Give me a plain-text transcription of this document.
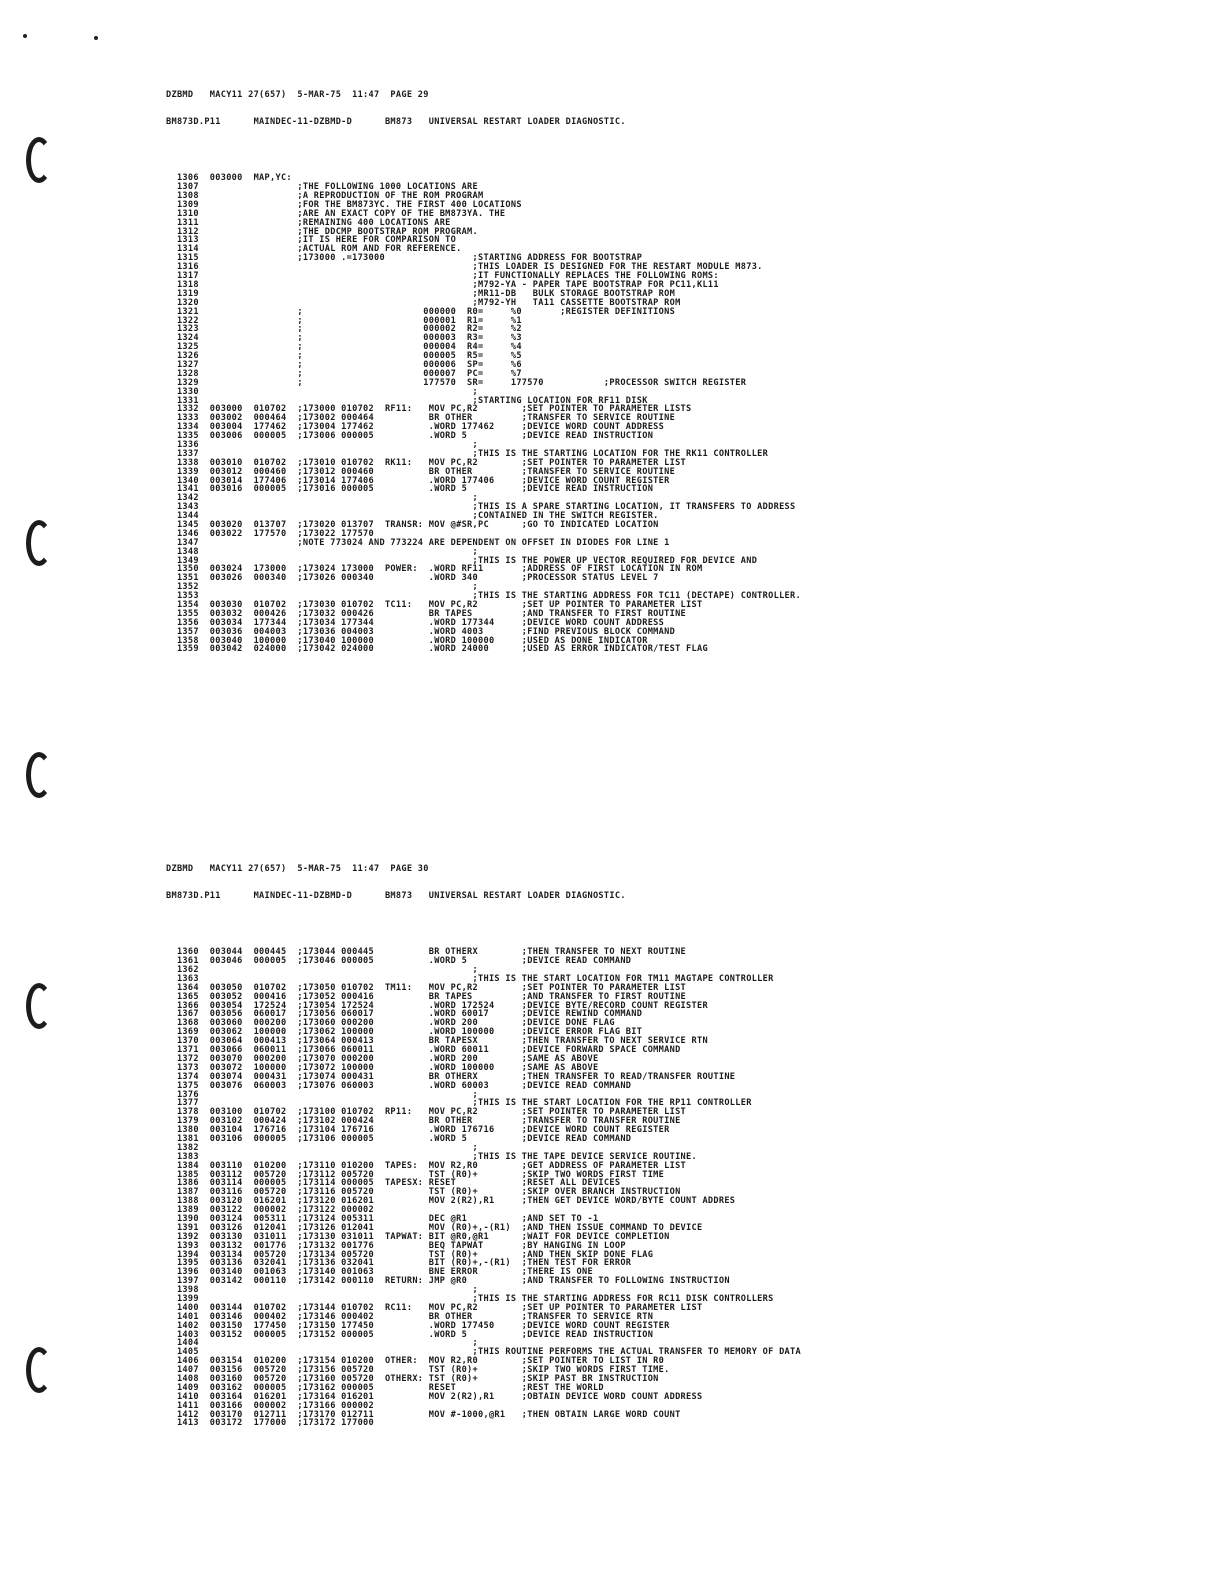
DZBMD   MACY11 27(657)  5-MAR-75  11:47  PAGE 29

BM873D.P11      MAINDEC-11-DZBMD-D      BM873   UNIVERSAL RESTART LOADER DIAGNOSTIC.

1306  003000  MAP,YC:
1307                  ;THE FOLLOWING 1000 LOCATIONS ARE
1308                  ;A REPRODUCTION OF THE ROM PROGRAM
1309                  ;FOR THE BM873YC. THE FIRST 400 LOCATIONS
1310                  ;ARE AN EXACT COPY OF THE BM873YA. THE
1311                  ;REMAINING 400 LOCATIONS ARE
1312                  ;THE DDCMP BOOTSTRAP ROM PROGRAM.
1313                  ;IT IS HERE FOR COMPARISON TO
1314                  ;ACTUAL ROM AND FOR REFERENCE.
1315                  ;173000 .=173000                ;STARTING ADDRESS FOR BOOTSTRAP
1316                                                  ;THIS LOADER IS DESIGNED FOR THE RESTART MODULE M873.
1317                                                  ;IT FUNCTIONALLY REPLACES THE FOLLOWING ROMS:
1318                                                  ;M792-YA - PAPER TAPE BOOTSTRAP FOR PC11,KL11
1319                                                  ;MR11-DB   BULK STORAGE BOOTSTRAP ROM
1320                                                  ;M792-YH   TA11 CASSETTE BOOTSTRAP ROM
1321                  ;                      000000  R0=     %0       ;REGISTER DEFINITIONS
1322                  ;                      000001  R1=     %1
1323                  ;                      000002  R2=     %2
1324                  ;                      000003  R3=     %3
1325                  ;                      000004  R4=     %4
1326                  ;                      000005  R5=     %5
1327                  ;                      000006  SP=     %6
1328                  ;                      000007  PC=     %7
1329                  ;                      177570  SR=     177570           ;PROCESSOR SWITCH REGISTER
1330                                                  ;
1331                                                  ;STARTING LOCATION FOR RF11 DISK
1332  003000  010702  ;173000 010702  RF11:   MOV PC,R2        ;SET POINTER TO PARAMETER LISTS
1333  003002  000464  ;173002 000464          BR OTHER         ;TRANSFER TO SERVICE ROUTINE
1334  003004  177462  ;173004 177462          .WORD 177462     ;DEVICE WORD COUNT ADDRESS
1335  003006  000005  ;173006 000005          .WORD 5          ;DEVICE READ INSTRUCTION
1336                                                  ;
1337                                                  ;THIS IS THE STARTING LOCATION FOR THE RK11 CONTROLLER
1338  003010  010702  ;173010 010702  RK11:   MOV PC,R2        ;SET POINTER TO PARAMETER LIST
1339  003012  000460  ;173012 000460          BR OTHER         ;TRANSFER TO SERVICE ROUTINE
1340  003014  177406  ;173014 177406          .WORD 177406     ;DEVICE WORD COUNT REGISTER
1341  003016  000005  ;173016 000005          .WORD 5          ;DEVICE READ INSTRUCTION
1342                                                  ;
1343                                                  ;THIS IS A SPARE STARTING LOCATION, IT TRANSFERS TO ADDRESS
1344                                                  ;CONTAINED IN THE SWITCH REGISTER.
1345  003020  013707  ;173020 013707  TRANSR: MOV @#SR,PC      ;GO TO INDICATED LOCATION
1346  003022  177570  ;173022 177570
1347                  ;NOTE 773024 AND 773224 ARE DEPENDENT ON OFFSET IN DIODES FOR LINE 1
1348                                                  ;
1349                                                  ;THIS IS THE POWER UP VECTOR REQUIRED FOR DEVICE AND
1350  003024  173000  ;173024 173000  POWER:  .WORD RF11       ;ADDRESS OF FIRST LOCATION IN ROM
1351  003026  000340  ;173026 000340          .WORD 340        ;PROCESSOR STATUS LEVEL 7
1352                                                  ;
1353                                                  ;THIS IS THE STARTING ADDRESS FOR TC11 (DECTAPE) CONTROLLER.
1354  003030  010702  ;173030 010702  TC11:   MOV PC,R2        ;SET UP POINTER TO PARAMETER LIST
1355  003032  000426  ;173032 000426          BR TAPES         ;AND TRANSFER TO FIRST ROUTINE
1356  003034  177344  ;173034 177344          .WORD 177344     ;DEVICE WORD COUNT ADDRESS
1357  003036  004003  ;173036 004003          .WORD 4003       ;FIND PREVIOUS BLOCK COMMAND
1358  003040  100000  ;173040 100000          .WORD 100000     ;USED AS DONE INDICATOR
1359  003042  024000  ;173042 024000          .WORD 24000      ;USED AS ERROR INDICATOR/TEST FLAG

DZBMD   MACY11 27(657)  5-MAR-75  11:47  PAGE 30

BM873D.P11      MAINDEC-11-DZBMD-D      BM873   UNIVERSAL RESTART LOADER DIAGNOSTIC.

1360  003044  000445  ;173044 000445          BR OTHERX        ;THEN TRANSFER TO NEXT ROUTINE
1361  003046  000005  ;173046 000005          .WORD 5          ;DEVICE READ COMMAND
1362                                                  ;
1363                                                  ;THIS IS THE START LOCATION FOR TM11 MAGTAPE CONTROLLER
1364  003050  010702  ;173050 010702  TM11:   MOV PC,R2        ;SET POINTER TO PARAMETER LIST
1365  003052  000416  ;173052 000416          BR TAPES         ;AND TRANSFER TO FIRST ROUTINE
1366  003054  172524  ;173054 172524          .WORD 172524     ;DEVICE BYTE/RECORD COUNT REGISTER
1367  003056  060017  ;173056 060017          .WORD 60017      ;DEVICE REWIND COMMAND
1368  003060  000200  ;173060 000200          .WORD 200        ;DEVICE DONE FLAG
1369  003062  100000  ;173062 100000          .WORD 100000     ;DEVICE ERROR FLAG BIT
1370  003064  000413  ;173064 000413          BR TAPESX        ;THEN TRANSFER TO NEXT SERVICE RTN
1371  003066  060011  ;173066 060011          .WORD 60011      ;DEVICE FORWARD SPACE COMMAND
1372  003070  000200  ;173070 000200          .WORD 200        ;SAME AS ABOVE
1373  003072  100000  ;173072 100000          .WORD 100000     ;SAME AS ABOVE
1374  003074  000431  ;173074 000431          BR OTHERX        ;THEN TRANSFER TO READ/TRANSFER ROUTINE
1375  003076  060003  ;173076 060003          .WORD 60003      ;DEVICE READ COMMAND
1376                                                  ;
1377                                                  ;THIS IS THE START LOCATION FOR THE RP11 CONTROLLER
1378  003100  010702  ;173100 010702  RP11:   MOV PC,R2        ;SET POINTER TO PARAMETER LIST
1379  003102  000424  ;173102 000424          BR OTHER         ;TRANSFER TO TRANSFER ROUTINE
1380  003104  176716  ;173104 176716          .WORD 176716     ;DEVICE WORD COUNT REGISTER
1381  003106  000005  ;173106 000005          .WORD 5          ;DEVICE READ COMMAND
1382                                                  ;
1383                                                  ;THIS IS THE TAPE DEVICE SERVICE ROUTINE.
1384  003110  010200  ;173110 010200  TAPES:  MOV R2,R0        ;GET ADDRESS OF PARAMETER LIST
1385  003112  005720  ;173112 005720          TST (R0)+        ;SKIP TWO WORDS FIRST TIME
1386  003114  000005  ;173114 000005  TAPESX: RESET            ;RESET ALL DEVICES
1387  003116  005720  ;173116 005720          TST (R0)+        ;SKIP OVER BRANCH INSTRUCTION
1388  003120  016201  ;173120 016201          MOV 2(R2),R1     ;THEN GET DEVICE WORD/BYTE COUNT ADDRES
1389  003122  000002  ;173122 000002
1390  003124  005311  ;173124 005311          DEC @R1          ;AND SET TO -1
1391  003126  012041  ;173126 012041          MOV (R0)+,-(R1)  ;AND THEN ISSUE COMMAND TO DEVICE
1392  003130  031011  ;173130 031011  TAPWAT: BIT @R0,@R1      ;WAIT FOR DEVICE COMPLETION
1393  003132  001776  ;173132 001776          BEQ TAPWAT       ;BY HANGING IN LOOP
1394  003134  005720  ;173134 005720          TST (R0)+        ;AND THEN SKIP DONE FLAG
1395  003136  032041  ;173136 032041          BIT (R0)+,-(R1)  ;THEN TEST FOR ERROR
1396  003140  001063  ;173140 001063          BNE ERROR        ;THERE IS ONE
1397  003142  000110  ;173142 000110  RETURN: JMP @R0          ;AND TRANSFER TO FOLLOWING INSTRUCTION
1398                                                  ;
1399                                                  ;THIS IS THE STARTING ADDRESS FOR RC11 DISK CONTROLLERS
1400  003144  010702  ;173144 010702  RC11:   MOV PC,R2        ;SET UP POINTER TO PARAMETER LIST
1401  003146  000402  ;173146 000402          BR OTHER         ;TRANSFER TO SERVICE RTN
1402  003150  177450  ;173150 177450          .WORD 177450     ;DEVICE WORD COUNT REGISTER
1403  003152  000005  ;173152 000005          .WORD 5          ;DEVICE READ INSTRUCTION
1404                                                  ;
1405                                                  ;THIS ROUTINE PERFORMS THE ACTUAL TRANSFER TO MEMORY OF DATA
1406  003154  010200  ;173154 010200  OTHER:  MOV R2,R0        ;SET POINTER TO LIST IN R0
1407  003156  005720  ;173156 005720          TST (R0)+        ;SKIP TWO WORDS FIRST TIME.
1408  003160  005720  ;173160 005720  OTHERX: TST (R0)+        ;SKIP PAST BR INSTRUCTION
1409  003162  000005  ;173162 000005          RESET            ;REST THE WORLD
1410  003164  016201  ;173164 016201          MOV 2(R2),R1     ;OBTAIN DEVICE WORD COUNT ADDRESS
1411  003166  000002  ;173166 000002
1412  003170  012711  ;173170 012711          MOV #-1000,@R1   ;THEN OBTAIN LARGE WORD COUNT
1413  003172  177000  ;173172 177000
